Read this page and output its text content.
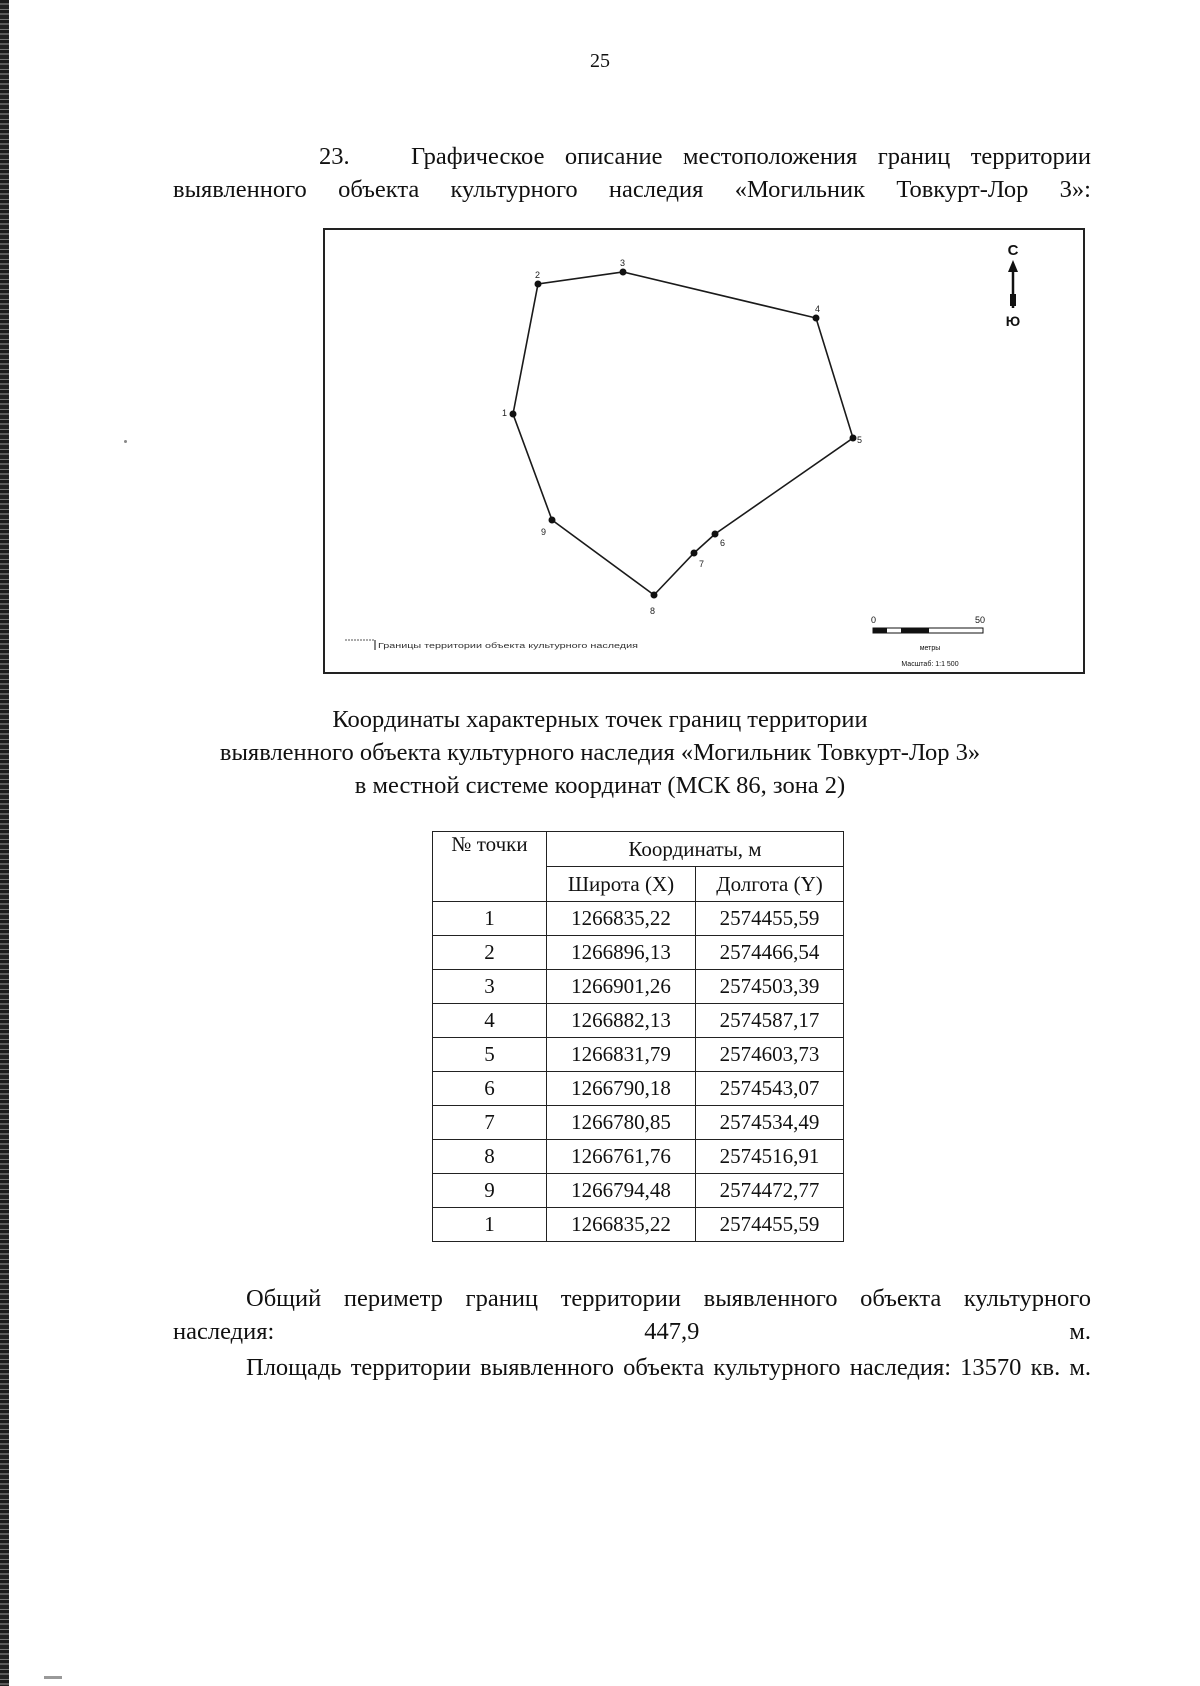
25

23.	Графическое описание местоположения границ территории выявленного объекта культурного наследия «Могильник Товкурт-Лор 3»:

1
2
3
4
5
6
7
8
9
С
Ю
Границы территории объекта культурного наследия
0	50
метры
Масштаб: 1:1 500
Координаты характерных точек границ территории
выявленного объекта культурного наследия «Могильник Товкурт-Лор 3»
в местной системе координат (МСК 86, зона 2)
№ точки	Координаты, м	
	Широта (X)	Долгота (Y)
1	1266835,22	2574455,59
2	1266896,13	2574466,54
3	1266901,26	2574503,39
4	1266882,13	2574587,17
5	1266831,79	2574603,73
6	1266790,18	2574543,07
7	1266780,85	2574534,49
8	1266761,76	2574516,91
9	1266794,48	2574472,77
1	1266835,22	2574455,59

Общий периметр границ территории выявленного объекта культурного наследия: 447,9 м.

Площадь территории выявленного объекта культурного наследия: 13570 кв. м.
